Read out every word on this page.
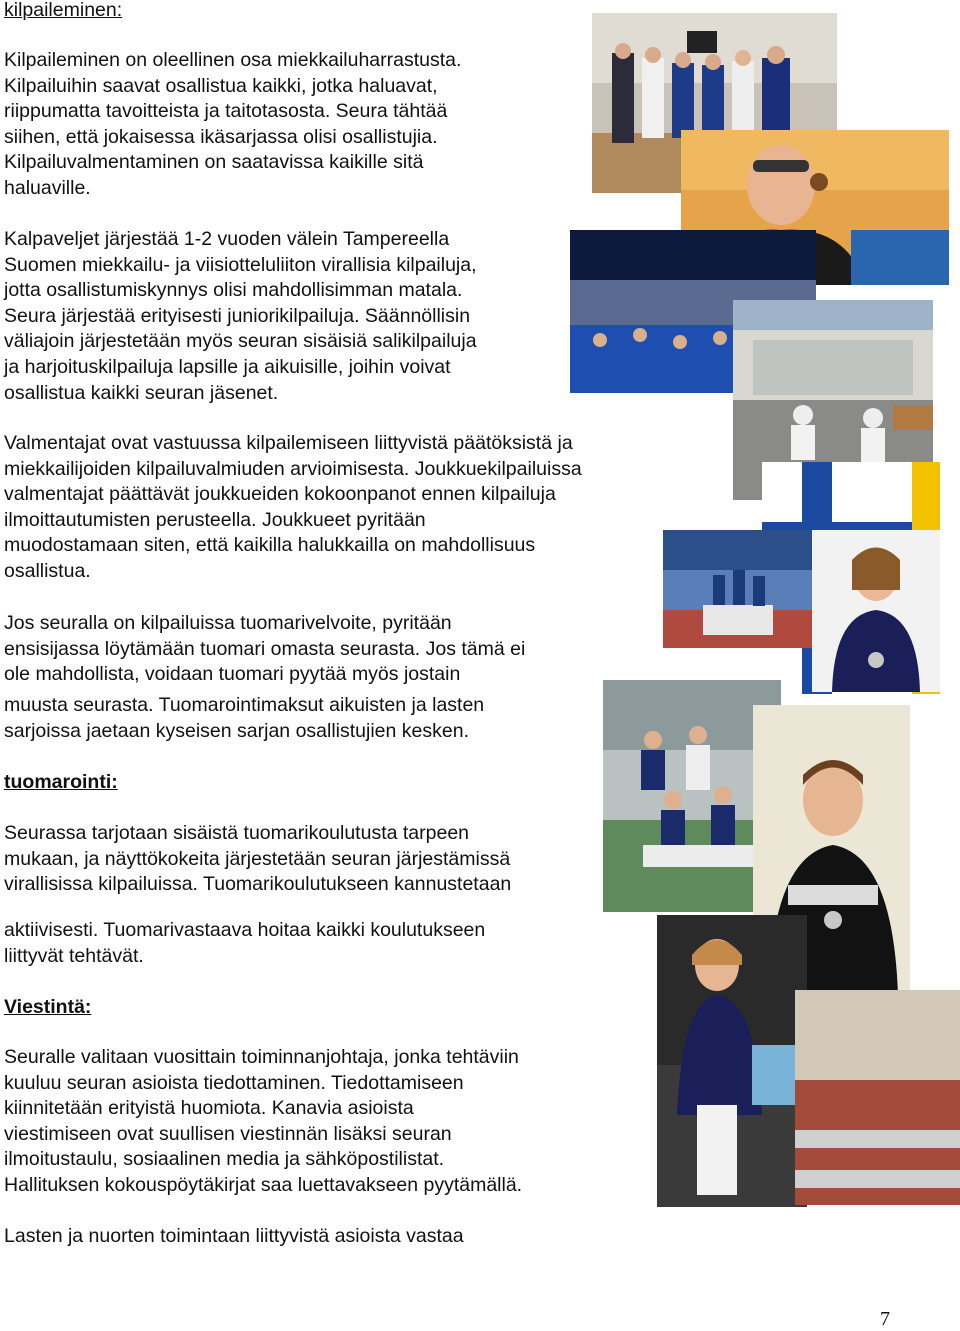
kilpaileminen:
Kilpaileminen on oleellinen osa miekkailuharrastusta.
Kilpailuihin saavat osallistua kaikki, jotka haluavat,
riippumatta tavoitteista ja taitotasosta. Seura tähtää
siihen, että jokaisessa ikäsarjassa olisi osallistujia.
Kilpailuvalmentaminen on saatavissa kaikille sitä
haluaville.
Kalpaveljet järjestää 1-2 vuoden välein Tampereella
Suomen miekkailu- ja viisiotteluliiton virallisia kilpailuja,
jotta osallistumiskynnys olisi mahdollisimman matala.
Seura järjestää erityisesti juniorikilpailuja. Säännöllisin
väliajoin järjestetään myös seuran sisäisiä salikilpailuja
ja harjoituskilpailuja lapsille ja aikuisille, joihin voivat
osallistua kaikki seuran jäsenet.
Valmentajat ovat vastuussa kilpailemiseen liittyvistä päätöksistä ja
miekkailijoiden kilpailuvalmiuden arvioimisesta. Joukkuekilpailuissa
valmentajat päättävät joukkueiden kokoonpanot ennen kilpailuja
ilmoittautumisten perusteella. Joukkueet pyritään
muodostamaan siten, että kaikilla halukkailla on mahdollisuus
osallistua.
Jos seuralla on kilpailuissa tuomarivelvoite, pyritään
ensisijassa löytämään tuomari omasta seurasta. Jos tämä ei
ole mahdollista, voidaan tuomari pyytää myös jostain
muusta seurasta. Tuomarointimaksut aikuisten ja lasten
sarjoissa jaetaan kyseisen sarjan osallistujien kesken.
tuomarointi:
Seurassa tarjotaan sisäistä tuomarikoulutusta tarpeen
mukaan, ja näyttökokeita järjestetään seuran järjestämissä
virallisissa kilpailuissa. Tuomarikoulutukseen kannustetaan
aktiivisesti. Tuomarivastaava hoitaa kaikki koulutukseen
liittyvät tehtävät.
Viestintä:
Seuralle valitaan vuosittain toiminnanjohtaja, jonka tehtäviin
kuuluu seuran asioista tiedottaminen. Tiedottamiseen
kiinnitetään erityistä huomiota. Kanavia asioista
viestimiseen ovat suullisen viestinnän lisäksi seuran
ilmoitustaulu, sosiaalinen media ja sähköpostilistat.
Hallituksen kokouspöytäkirjat saa luettavakseen pyytämällä.
Lasten ja nuorten toimintaan liittyvistä asioista vastaa
7
